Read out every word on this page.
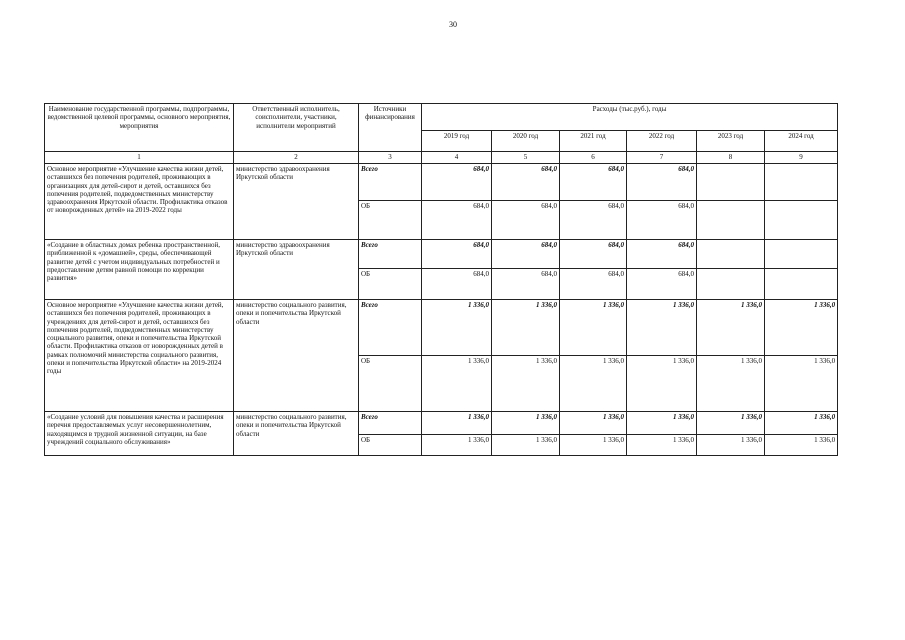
30
Наименование государственной программы, подпрограммы, ведомственной целевой программы, основного мероприятия, мероприятия	Ответственный исполнитель, соисполнители, участники, исполнители мероприятий	Источники финансирования	Расходы (тыс.руб.), годы					
			2019 год	2020 год	2021 год	2022 год	2023 год	2024 год
1	2	3	4	5	6	7	8	9
Основное мероприятие «Улучшение качества жизни детей, оставшихся без попечения родителей, проживающих в организациях для детей-сирот и детей, оставшихся без попечения родителей, подведомственных министерству здравоохранения Иркутской области. Профилактика отказов от новорожденных детей» на 2019-2022 годы	министерство здравоохранения Иркутской области	Всего	684,0	684,0	684,0	684,0		
		ОБ	684,0	684,0	684,0	684,0		
«Создание в областных домах ребенка пространственной, приближенной к «домашней», среды, обеспечивающей развитие детей с учетом индивидуальных потребностей и предоставление детям равной помощи по коррекции развития»	министерство здравоохранения Иркутской области	Всего	684,0	684,0	684,0	684,0		
		ОБ	684,0	684,0	684,0	684,0		
Основное мероприятие «Улучшение качества жизни детей, оставшихся без попечения родителей, проживающих в учреждениях для детей-сирот и детей, оставшихся без попечения родителей, подведомственных министерству социального развития, опеки и попечительства Иркутской области. Профилактика отказов от новорожденных детей в рамках полномочий министерства социального развития, опеки и попечительства Иркутской области» на 2019-2024 годы	министерство социального развития, опеки и попечительства Иркутской области	Всего	1 336,0	1 336,0	1 336,0	1 336,0	1 336,0	1 336,0
		ОБ	1 336,0	1 336,0	1 336,0	1 336,0	1 336,0	1 336,0
«Создание условий для повышения качества и расширения перечня предоставляемых услуг несовершеннолетним, находящимся в трудной жизненной ситуации, на базе учреждений социального обслуживания»	министерство социального развития, опеки и попечительства Иркутской области	Всего	1 336,0	1 336,0	1 336,0	1 336,0	1 336,0	1 336,0
		ОБ	1 336,0	1 336,0	1 336,0	1 336,0	1 336,0	1 336,0
